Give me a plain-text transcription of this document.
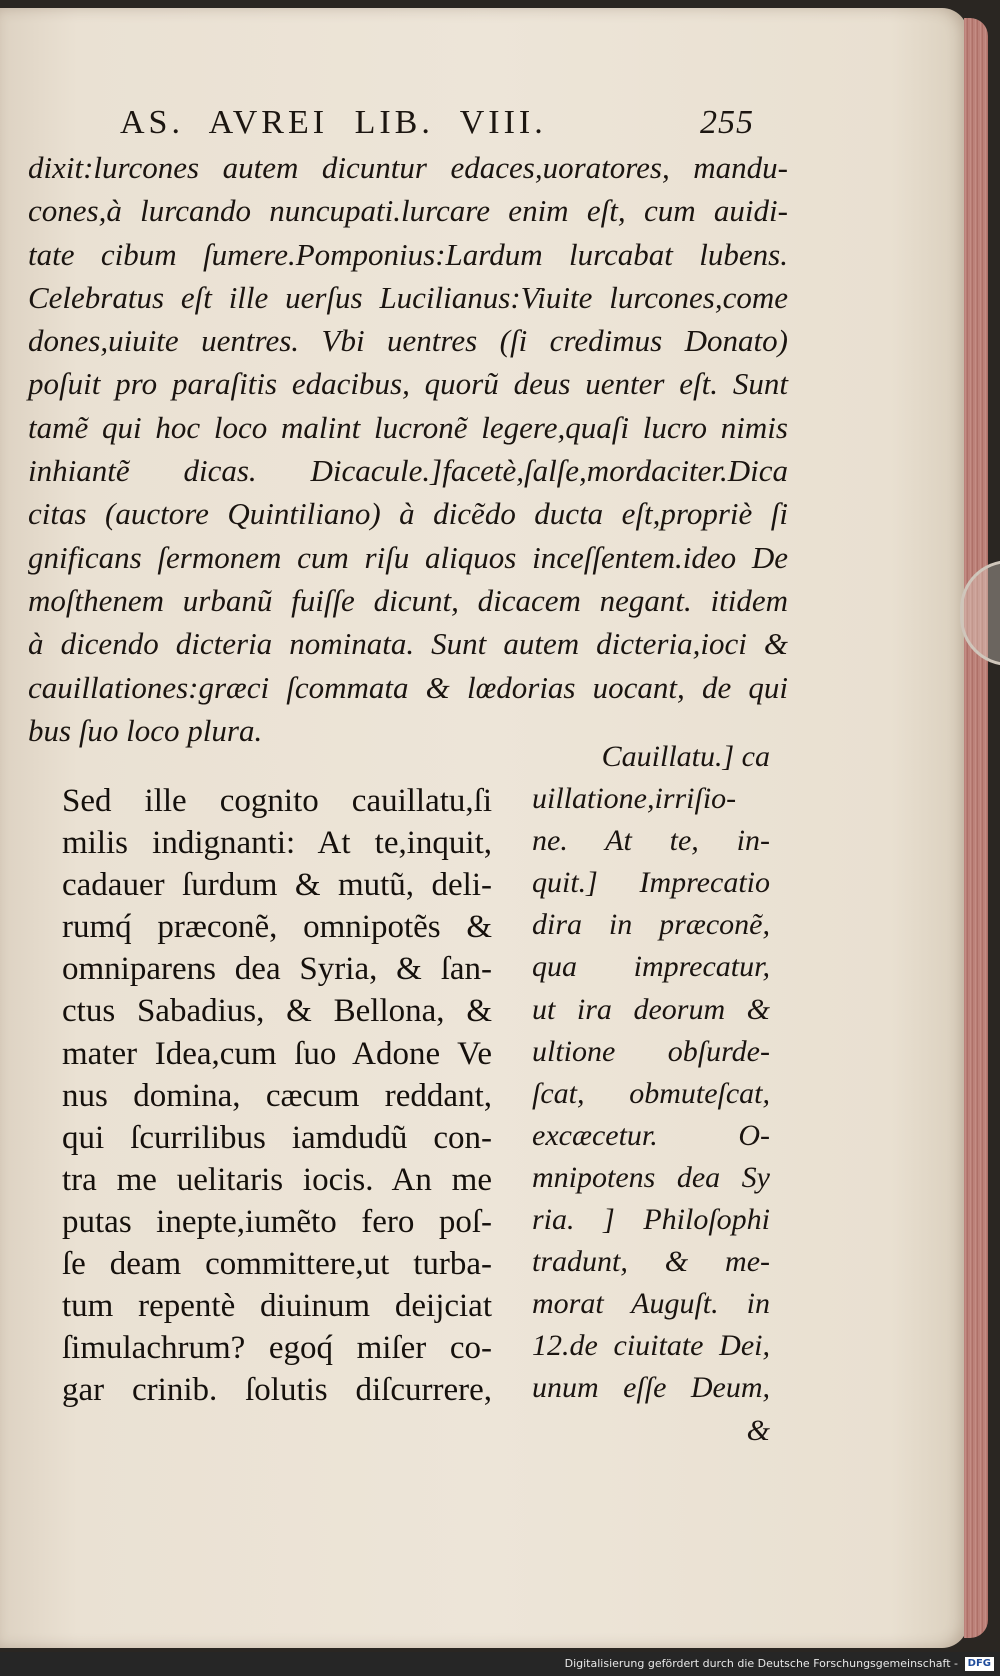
AS. AVREI LIB. VIII.	255
dixit:lurcones autem dicuntur edaces,uoratores, mandu-
cones,à lurcando nuncupati.lurcare enim eſt, cum auidi-
tate cibum ſumere.Pomponius:Lardum lurcabat lubens.
Celebratus eſt ille uerſus Lucilianus:Viuite lurcones,come
dones,uiuite uentres. Vbi uentres (ſi credimus Donato)
poſuit pro paraſitis edacibus, quorũ deus uenter eſt. Sunt
tamẽ qui hoc loco malint lucronẽ legere,quaſi lucro nimis
inhiantẽ dicas. Dicacule.]facetè,ſalſe,mordaciter.Dica
citas (auctore Quintiliano) à dicẽdo ducta eſt,propriè ſi
gnificans ſermonem cum riſu aliquos inceſſentem.ideo De
moſthenem urbanũ fuiſſe dicunt, dicacem negant. itidem
à dicendo dicteria nominata. Sunt autem dicteria,ioci &
cauillationes:græci ſcommata & lœdorias uocant, de qui
bus ſuo loco plura.
Sed ille cognito cauillatu,ſi
milis indignanti: At te,inquit,
cadauer ſurdum & mutũ, deli-
rumq́ præconẽ, omnipotẽs &
omniparens dea Syria, & ſan-
ctus Sabadius, & Bellona, &
mater Idea,cum ſuo Adone Ve
nus domina, cæcum reddant,
qui ſcurrilibus iamdudũ con-
tra me uelitaris iocis. An me
putas inepte,iumẽto fero poſ-
ſe deam committere,ut turba-
tum repentè diuinum deijciat
ſimulachrum? egoq́ miſer co-
gar crinib. ſolutis diſcurrere,
Cauillatu.] ca
uillatione,irriſio-
ne. At te, in-
quit.] Imprecatio
dira in præconẽ,
qua imprecatur,
ut ira deorum &
ultione obſurde-
ſcat, obmuteſcat,
excæcetur. O-
mnipotens dea Sy
ria. ] Philoſophi
tradunt, & me-
morat Auguſt. in
12.de ciuitate Dei,
unum eſſe Deum,
&
Digitalisierung gefördert durch die Deutsche Forschungsgemeinschaft - DFG
